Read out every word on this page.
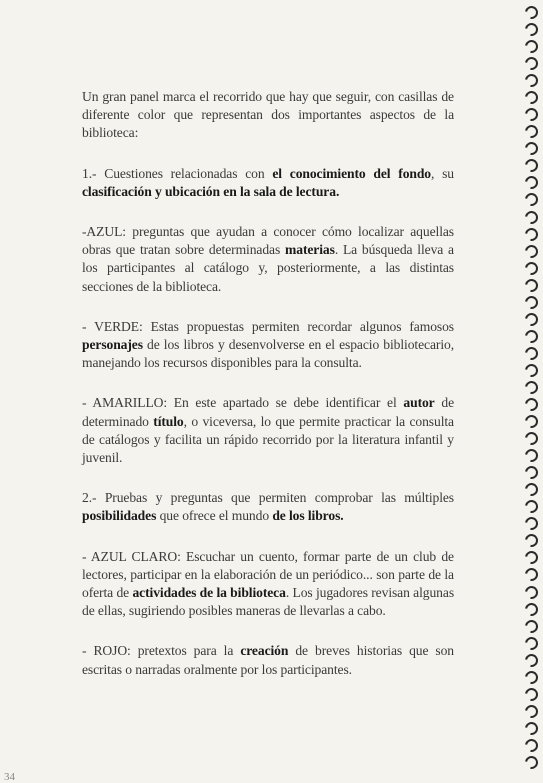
Un gran panel marca el recorrido que hay que seguir, con casillas de diferente color que representan dos importantes aspectos de la biblioteca:

1.- Cuestiones relacionadas con el conocimiento del fondo, su clasificación y ubicación en la sala de lectura.

-AZUL: preguntas que ayudan a conocer cómo localizar aquellas obras que tratan sobre determinadas materias. La búsqueda lleva a los participantes al catálogo y, posteriormente, a las distintas secciones de la biblioteca.

- VERDE: Estas propuestas permiten recordar algunos famosos personajes de los libros y desenvolverse en el espacio bibliotecario, manejando los recursos disponibles para la consulta.

- AMARILLO: En este apartado se debe identificar el autor de determinado título, o viceversa, lo que permite practicar la consulta de catálogos y facilita un rápido recorrido por la literatura infantil y juvenil.

2.- Pruebas y preguntas que permiten comprobar las múltiples posibilidades que ofrece el mundo de los libros.

- AZUL CLARO: Escuchar un cuento, formar parte de un club de lectores, participar en la elaboración de un periódico... son parte de la oferta de actividades de la biblioteca. Los jugadores revisan algunas de ellas, sugiriendo posibles maneras de llevarlas a cabo.

- ROJO: pretextos para la creación de breves historias que son escritas o narradas oralmente por los participantes.

34
